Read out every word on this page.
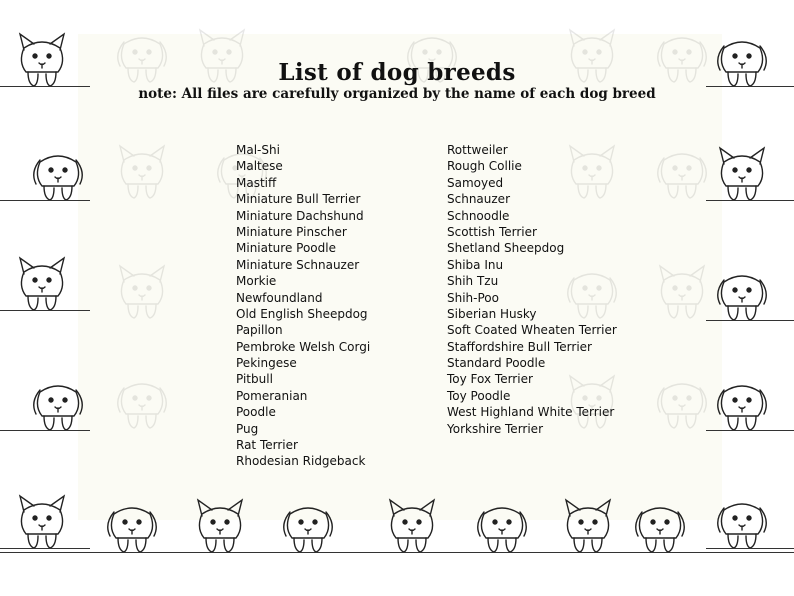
List of dog breeds
note: All files are carefully organized by the name of each dog breed
Mal-Shi
Maltese
Mastiff
Miniature Bull Terrier
Miniature Dachshund
Miniature Pinscher
Miniature Poodle
Miniature Schnauzer
Morkie
Newfoundland
Old English Sheepdog
Papillon
Pembroke Welsh Corgi
Pekingese
Pitbull
Pomeranian
Poodle
Pug
Rat Terrier
Rhodesian Ridgeback
Rottweiler
Rough Collie
Samoyed
Schnauzer
Schnoodle
Scottish Terrier
Shetland Sheepdog
Shiba Inu
Shih Tzu
Shih-Poo
Siberian Husky
Soft Coated Wheaten Terrier
Staffordshire Bull Terrier
Standard Poodle
Toy Fox Terrier
Toy Poodle
West Highland White Terrier
Yorkshire Terrier
